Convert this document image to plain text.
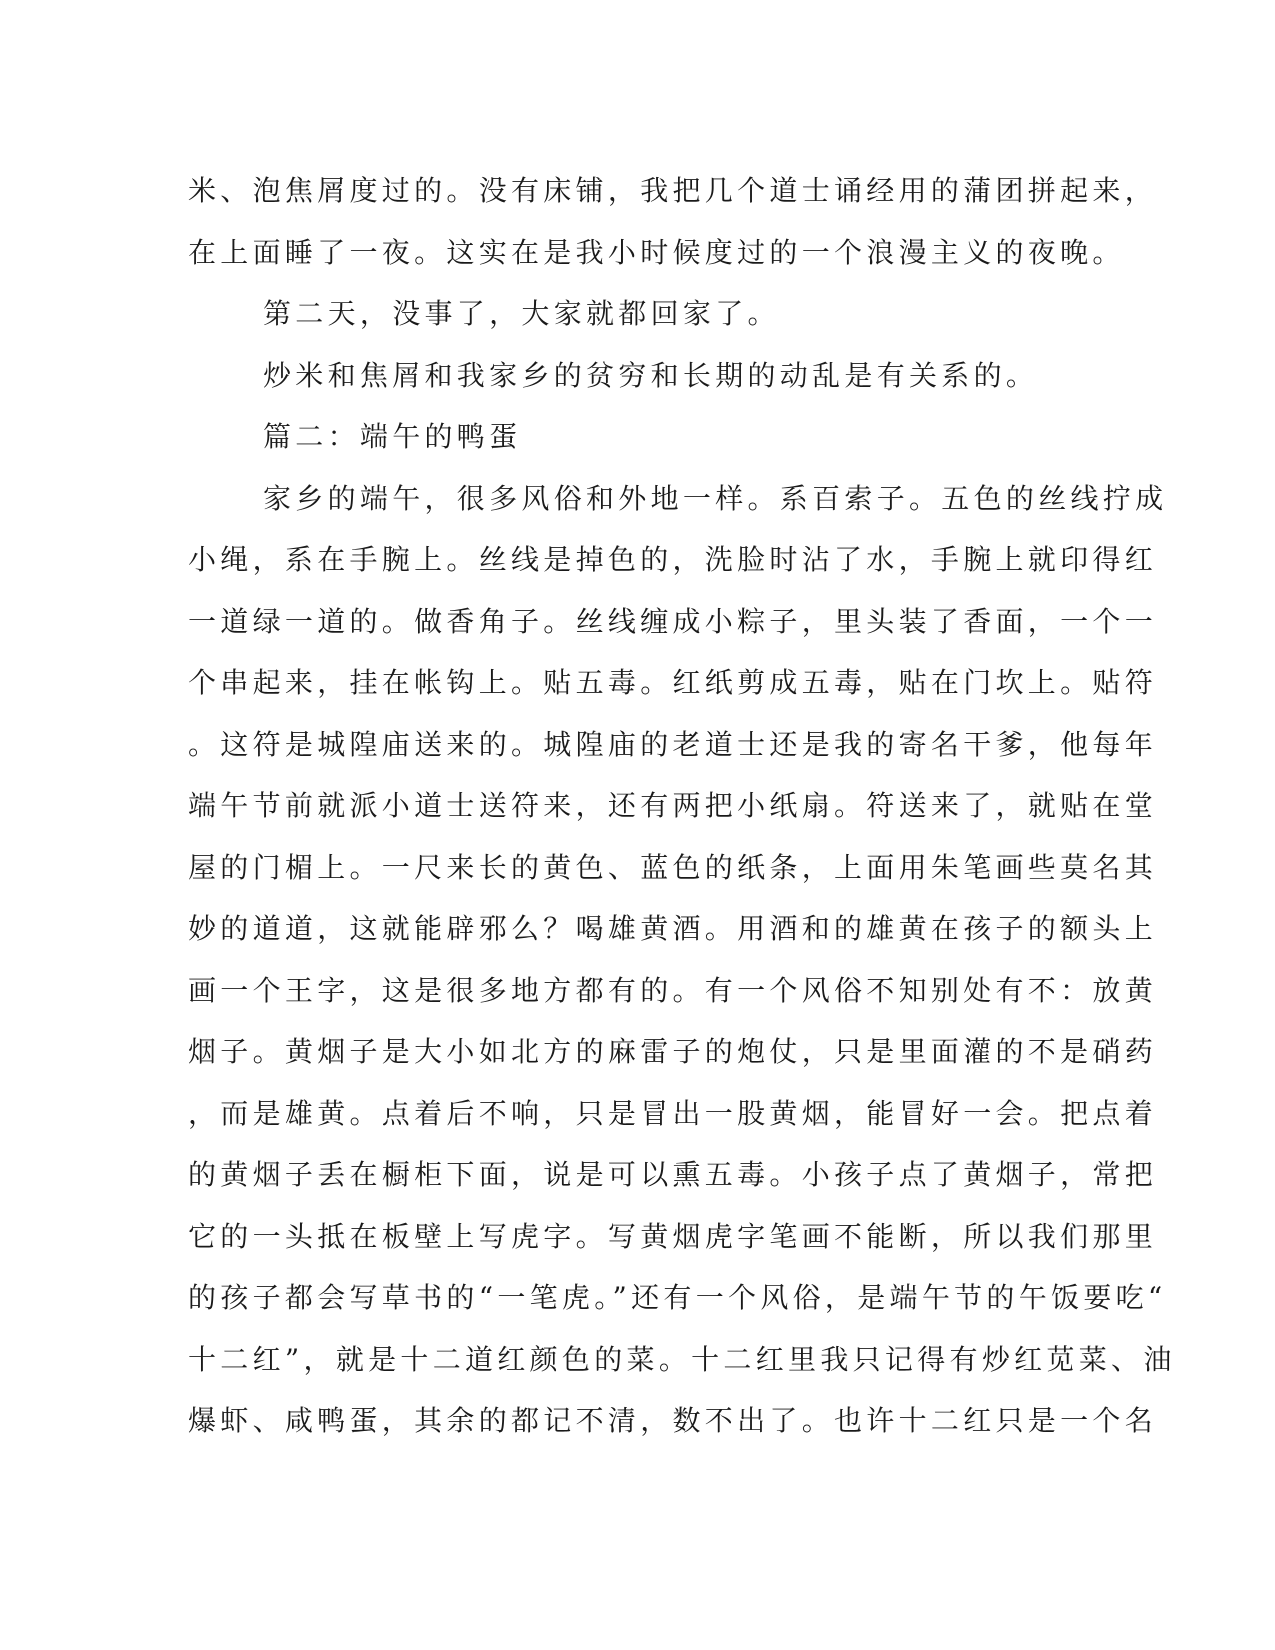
米、泡焦屑度过的。没有床铺，我把几个道士诵经用的蒲团拼起来，
在上面睡了一夜。这实在是我小时候度过的一个浪漫主义的夜晚。
第二天，没事了，大家就都回家了。
炒米和焦屑和我家乡的贫穷和长期的动乱是有关系的。
篇二：端午的鸭蛋
家乡的端午，很多风俗和外地一样。系百索子。五色的丝线拧成
小绳，系在手腕上。丝线是掉色的，洗脸时沾了水，手腕上就印得红
一道绿一道的。做香角子。丝线缠成小粽子，里头装了香面，一个一
个串起来，挂在帐钩上。贴五毒。红纸剪成五毒，贴在门坎上。贴符
。这符是城隍庙送来的。城隍庙的老道士还是我的寄名干爹，他每年
端午节前就派小道士送符来，还有两把小纸扇。符送来了，就贴在堂
屋的门楣上。一尺来长的黄色、蓝色的纸条，上面用朱笔画些莫名其
妙的道道，这就能辟邪么？喝雄黄酒。用酒和的雄黄在孩子的额头上
画一个王字，这是很多地方都有的。有一个风俗不知别处有不：放黄
烟子。黄烟子是大小如北方的麻雷子的炮仗，只是里面灌的不是硝药
，而是雄黄。点着后不响，只是冒出一股黄烟，能冒好一会。把点着
的黄烟子丢在橱柜下面，说是可以熏五毒。小孩子点了黄烟子，常把
它的一头抵在板壁上写虎字。写黄烟虎字笔画不能断，所以我们那里
的孩子都会写草书的“一笔虎。”还有一个风俗，是端午节的午饭要吃“
十二红”，就是十二道红颜色的菜。十二红里我只记得有炒红苋菜、油
爆虾、咸鸭蛋，其余的都记不清，数不出了。也许十二红只是一个名
